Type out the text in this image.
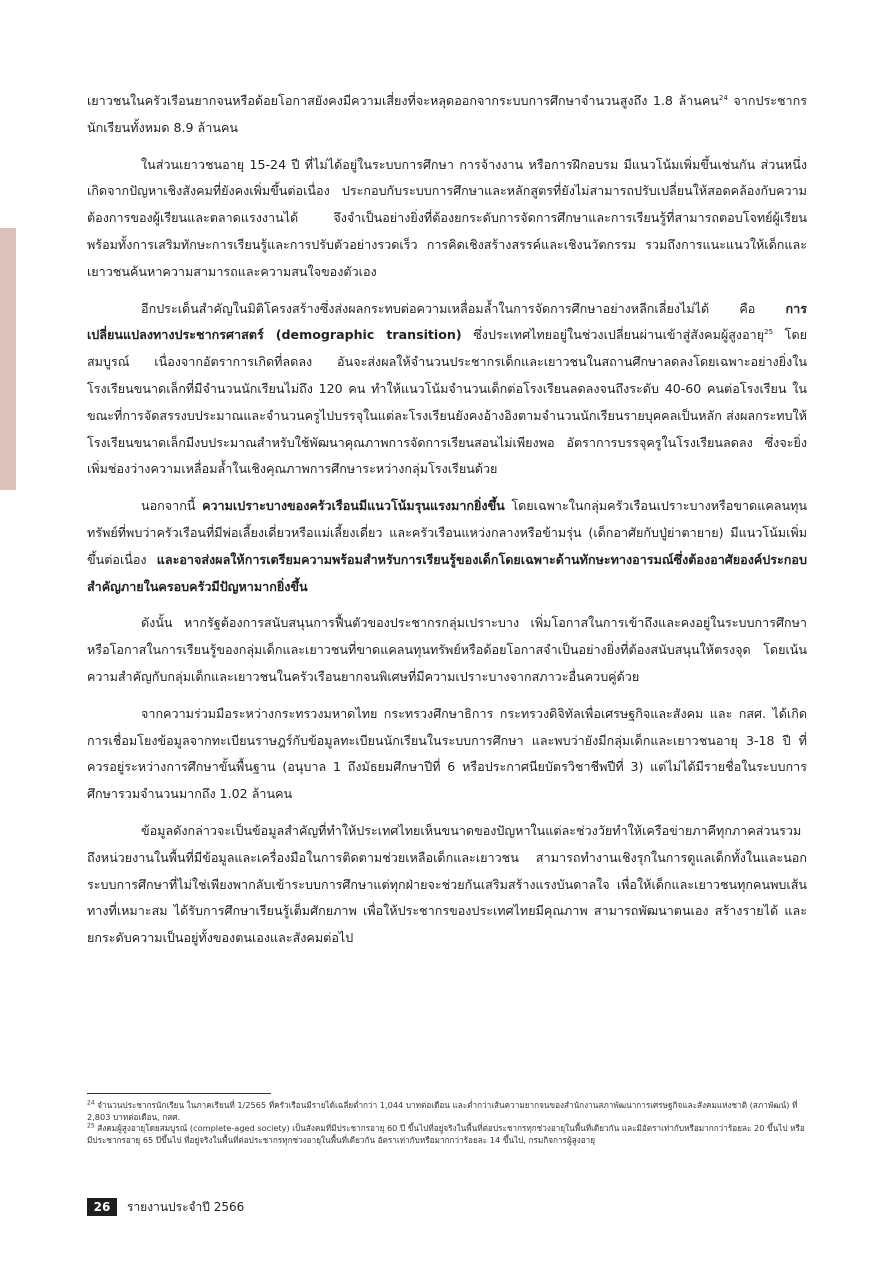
เยาวชนในครัวเรือนยากจนหรือด้อยโอกาสยังคงมีความเสี่ยงที่จะหลุดออกจากระบบการศึกษาจำนวนสูงถึง 1.8 ล้านคน$^{24}$ จากประชากรนักเรียนทั้งหมด 8.9 ล้านคน

ในส่วนเยาวชนอายุ 15-24 ปี ที่ไม่ได้อยู่ในระบบการศึกษา การจ้างงาน หรือการฝึกอบรม มีแนวโน้มเพิ่มขึ้นเช่นกัน ส่วนหนึ่งเกิดจากปัญหาเชิงสังคมที่ยังคงเพิ่มขึ้นต่อเนื่อง ประกอบกับระบบการศึกษาและหลักสูตรที่ยังไม่สามารถปรับเปลี่ยนให้สอดคล้องกับความต้องการของผู้เรียนและตลาดแรงงานได้ จึงจำเป็นอย่างยิ่งที่ต้องยกระดับการจัดการศึกษาและการเรียนรู้ที่สามารถตอบโจทย์ผู้เรียน พร้อมทั้งการเสริมทักษะการเรียนรู้และการปรับตัวอย่างรวดเร็ว การคิดเชิงสร้างสรรค์และเชิงนวัตกรรม รวมถึงการแนะแนวให้เด็กและเยาวชนค้นหาความสามารถและความสนใจของตัวเอง

อีกประเด็นสำคัญในมิติโครงสร้างซึ่งส่งผลกระทบต่อความเหลื่อมล้ำในการจัดการศึกษาอย่างหลีกเลี่ยงไม่ได้ คือ การเปลี่ยนแปลงทางประชากรศาสตร์ (demographic transition) ซึ่งประเทศไทยอยู่ในช่วงเปลี่ยนผ่านเข้าสู่สังคมผู้สูงอายุ$^{25}$ โดยสมบูรณ์ เนื่องจากอัตราการเกิดที่ลดลง อันจะส่งผลให้จำนวนประชากรเด็กและเยาวชนในสถานศึกษาลดลงโดยเฉพาะอย่างยิ่งในโรงเรียนขนาดเล็กที่มีจำนวนนักเรียนไม่ถึง 120 คน ทำให้แนวโน้มจำนวนเด็กต่อโรงเรียนลดลงจนถึงระดับ 40-60 คนต่อโรงเรียน ในขณะที่การจัดสรรงบประมาณและจำนวนครูไปบรรจุในแต่ละโรงเรียนยังคงอ้างอิงตามจำนวนนักเรียนรายบุคคลเป็นหลัก ส่งผลกระทบให้โรงเรียนขนาดเล็กมีงบประมาณสำหรับใช้พัฒนาคุณภาพการจัดการเรียนสอนไม่เพียงพอ อัตราการบรรจุครูในโรงเรียนลดลง ซึ่งจะยิ่งเพิ่มช่องว่างความเหลื่อมล้ำในเชิงคุณภาพการศึกษาระหว่างกลุ่มโรงเรียนด้วย

นอกจากนี้ ความเปราะบางของครัวเรือนมีแนวโน้มรุนแรงมากยิ่งขึ้น โดยเฉพาะในกลุ่มครัวเรือนเปราะบางหรือขาดแคลนทุนทรัพย์ที่พบว่าครัวเรือนที่มีพ่อเลี้ยงเดี่ยวหรือแม่เลี้ยงเดี่ยว และครัวเรือนแหว่งกลางหรือข้ามรุ่น (เด็กอาศัยกับปู่ย่าตายาย) มีแนวโน้มเพิ่มขึ้นต่อเนื่อง และอาจส่งผลให้การเตรียมความพร้อมสำหรับการเรียนรู้ของเด็กโดยเฉพาะด้านทักษะทางอารมณ์ซึ่งต้องอาศัยองค์ประกอบสำคัญภายในครอบครัวมีปัญหามากยิ่งขึ้น

ดังนั้น หากรัฐต้องการสนับสนุนการฟื้นตัวของประชากรกลุ่มเปราะบาง เพิ่มโอกาสในการเข้าถึงและคงอยู่ในระบบการศึกษาหรือโอกาสในการเรียนรู้ของกลุ่มเด็กและเยาวชนที่ขาดแคลนทุนทรัพย์หรือด้อยโอกาสจำเป็นอย่างยิ่งที่ต้องสนับสนุนให้ตรงจุด โดยเน้นความสำคัญกับกลุ่มเด็กและเยาวชนในครัวเรือนยากจนพิเศษที่มีความเปราะบางจากสภาวะอื่นควบคู่ด้วย

จากความร่วมมือระหว่างกระทรวงมหาดไทย กระทรวงศึกษาธิการ กระทรวงดิจิทัลเพื่อเศรษฐกิจและสังคม และ กสศ. ได้เกิดการเชื่อมโยงข้อมูลจากทะเบียนราษฎร์กับข้อมูลทะเบียนนักเรียนในระบบการศึกษา และพบว่ายังมีกลุ่มเด็กและเยาวชนอายุ 3-18 ปี ที่ควรอยู่ระหว่างการศึกษาขั้นพื้นฐาน (อนุบาล 1 ถึงมัธยมศึกษาปีที่ 6 หรือประกาศนียบัตรวิชาชีพปีที่ 3) แต่ไม่ได้มีรายชื่อในระบบการศึกษารวมจำนวนมากถึง 1.02 ล้านคน

ข้อมูลดังกล่าวจะเป็นข้อมูลสำคัญที่ทำให้ประเทศไทยเห็นขนาดของปัญหาในแต่ละช่วงวัยทำให้เครือข่ายภาคีทุกภาคส่วนรวมถึงหน่วยงานในพื้นที่มีข้อมูลและเครื่องมือในการติดตามช่วยเหลือเด็กและเยาวชน สามารถทำงานเชิงรุกในการดูแลเด็กทั้งในและนอกระบบการศึกษาที่ไม่ใช่เพียงพากลับเข้าระบบการศึกษาแต่ทุกฝ่ายจะช่วยกันเสริมสร้างแรงบันดาลใจ เพื่อให้เด็กและเยาวชนทุกคนพบเส้นทางที่เหมาะสม ได้รับการศึกษาเรียนรู้เต็มศักยภาพ เพื่อให้ประชากรของประเทศไทยมีคุณภาพ สามารถพัฒนาตนเอง สร้างรายได้ และยกระดับความเป็นอยู่ทั้งของตนเองและสังคมต่อไป

$^{24}$ จำนวนประชากรนักเรียน ในภาคเรียนที่ 1/2565 ที่ครัวเรือนมีรายได้เฉลี่ยต่ำกว่า 1,044 บาทต่อเดือน และต่ำกว่าเส้นความยากจนของสำนักงานสภาพัฒนาการเศรษฐกิจและสังคมแห่งชาติ (สภาพัฒน์) ที่ 2,803 บาทต่อเดือน, กสศ.
$^{25}$ สังคมผู้สูงอายุโดยสมบูรณ์ (complete-aged society) เป็นสังคมที่มีประชากรอายุ 60 ปี ขึ้นไปที่อยู่จริงในพื้นที่ต่อประชากรทุกช่วงอายุในพื้นที่เดียวกัน และมีอัตราเท่ากับหรือมากกว่าร้อยละ 20 ขึ้นไป หรือมีประชากรอายุ 65 ปีขึ้นไป ที่อยู่จริงในพื้นที่ต่อประชากรทุกช่วงอายุในพื้นที่เดียวกัน อัตราเท่ากับหรือมากกว่าร้อยละ 14 ขึ้นไป, กรมกิจการผู้สูงอายุ
26	รายงานประจำปี 2566
